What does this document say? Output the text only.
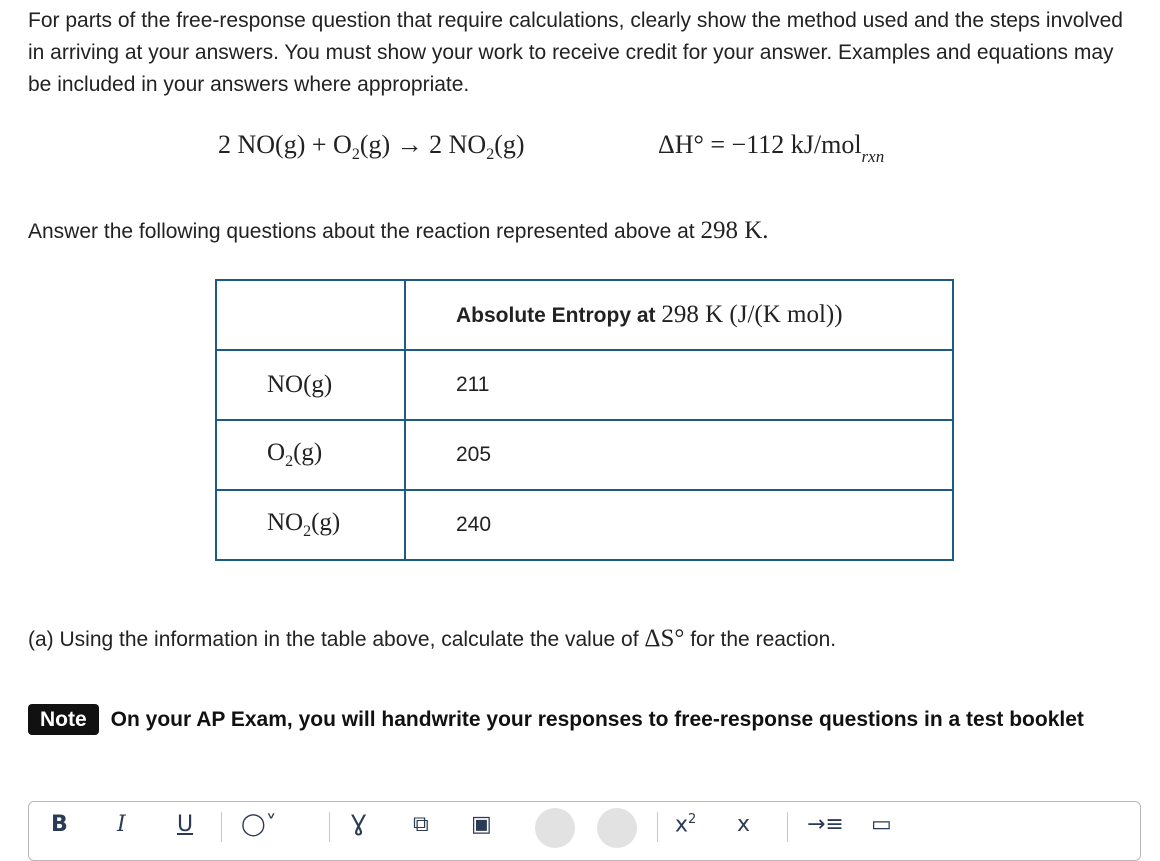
For parts of the free-response question that require calculations, clearly show the method used and the steps involved in arriving at your answers. You must show your work to receive credit for your answer. Examples and equations may be included in your answers where appropriate.

2 $NO(g) + O_2(g) \to 2$ $NO_2(g)$	ΔH° = −112 kJ/mol$_{rxn}$
Answer the following questions about the reaction represented above at 298 K.
	Absolute Entropy at 298 K (J/(K mol))
NO(g)	211
$O_2(g)$	205
$NO_2(g)$	240
(a) Using the information in the table above, calculate the value of ΔS° for the reaction.
Note On your AP Exam, you will handwrite your responses to free-response questions in a test booklet
B I U ◯˅	Ɣ ⧉ ▣	$x^2$ x	→≡ ▭
